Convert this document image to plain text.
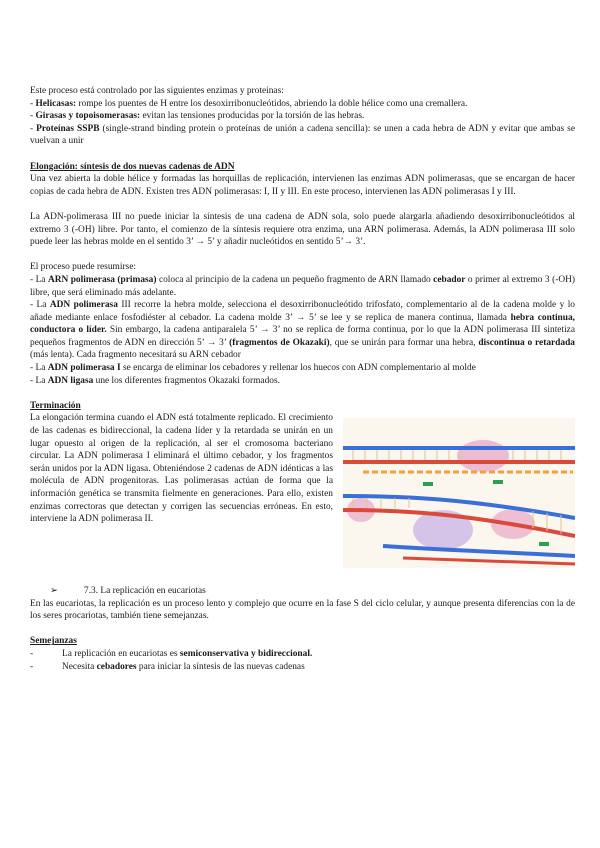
Este proceso está controlado por las siguientes enzimas y proteínas:

- Helicasas: rompe los puentes de H entre los desoxirribonucleótidos, abriendo la doble hélice como una cremallera.

- Girasas y topoisomerasas: evitan las tensiones producidas por la torsión de las hebras.

- Proteínas SSPB (single-strand binding protein o proteínas de unión a cadena sencilla): se unen a cada hebra de ADN y evitar que ambas se vuelvan a unir

Elongación: síntesis de dos nuevas cadenas de ADN

Una vez abierta la doble hélice y formadas las horquillas de replicación, intervienen las enzimas ADN polimerasas, que se encargan de hacer copias de cada hebra de ADN. Existen tres ADN polimerasas: I, II y III. En este proceso, intervienen las ADN polimerasas I y III.

La ADN-polimerasa III no puede iniciar la síntesis de una cadena de ADN sola, solo puede alargarla añadiendo desoxirribonucleótidos al extremo 3 (-OH) libre. Por tanto, el comienzo de la síntesis requiere otra enzima, una ARN polimerasa. Además, la ADN polimerasa III solo puede leer las hebras molde en el sentido 3’ → 5’ y añadir nucleótidos en sentido 5’→ 3’.

El proceso puede resumirse:

- La ARN polimerasa (primasa) coloca al principio de la cadena un pequeño fragmento de ARN llamado cebador o primer al extremo 3 (-OH) libre, que será eliminado más adelante.

- La ADN polimerasa III recorre la hebra molde, selecciona el desoxirribonucleótido trifosfato, complementario al de la cadena molde y lo añade mediante enlace fosfodiéster al cebador. La cadena molde 3’ → 5’ se lee y se replica de manera continua, llamada hebra continua, conductora o líder. Sin embargo, la cadena antiparalela 5’ → 3’ no se replica de forma continua, por lo que la ADN polimerasa III sintetiza pequeños fragmentos de ADN en dirección 5’ → 3’ (fragmentos de Okazaki), que se unirán para formar una hebra, discontinua o retardada (más lenta). Cada fragmento necesitará su ARN cebador

- La ADN polimerasa I se encarga de eliminar los cebadores y rellenar los huecos con ADN complementario al molde

- La ADN ligasa une los diferentes fragmentos Okazaki formados.

Terminación

La elongación termina cuando el ADN está totalmente replicado. El crecimiento de las cadenas es bidireccional, la cadena líder y la retardada se unirán en un lugar opuesto al origen de la replicación, al ser el cromosoma bacteriano circular. La ADN polimerasa I eliminará el último cebador, y los fragmentos serán unidos por la ADN ligasa. Obteniéndose 2 cadenas de ADN idénticas a las molécula de ADN progenitoras. Las polimerasas actúan de forma que la información genética se transmita fielmente en generaciones. Para ello, existen enzimas correctoras que detectan y corrigen las secuencias erróneas. En esto, interviene la ADN polimerasa II.

➢	7.3. La replicación en eucariotas

En las eucariotas, la replicación es un proceso lento y complejo que ocurre en la fase S del ciclo celular, y aunque presenta diferencias con la de los seres procariotas, también tiene semejanzas.

Semejanzas

-	La replicación en eucariotas es semiconservativa y bidireccional.
-	Necesita cebadores para iniciar la síntesis de las nuevas cadenas
